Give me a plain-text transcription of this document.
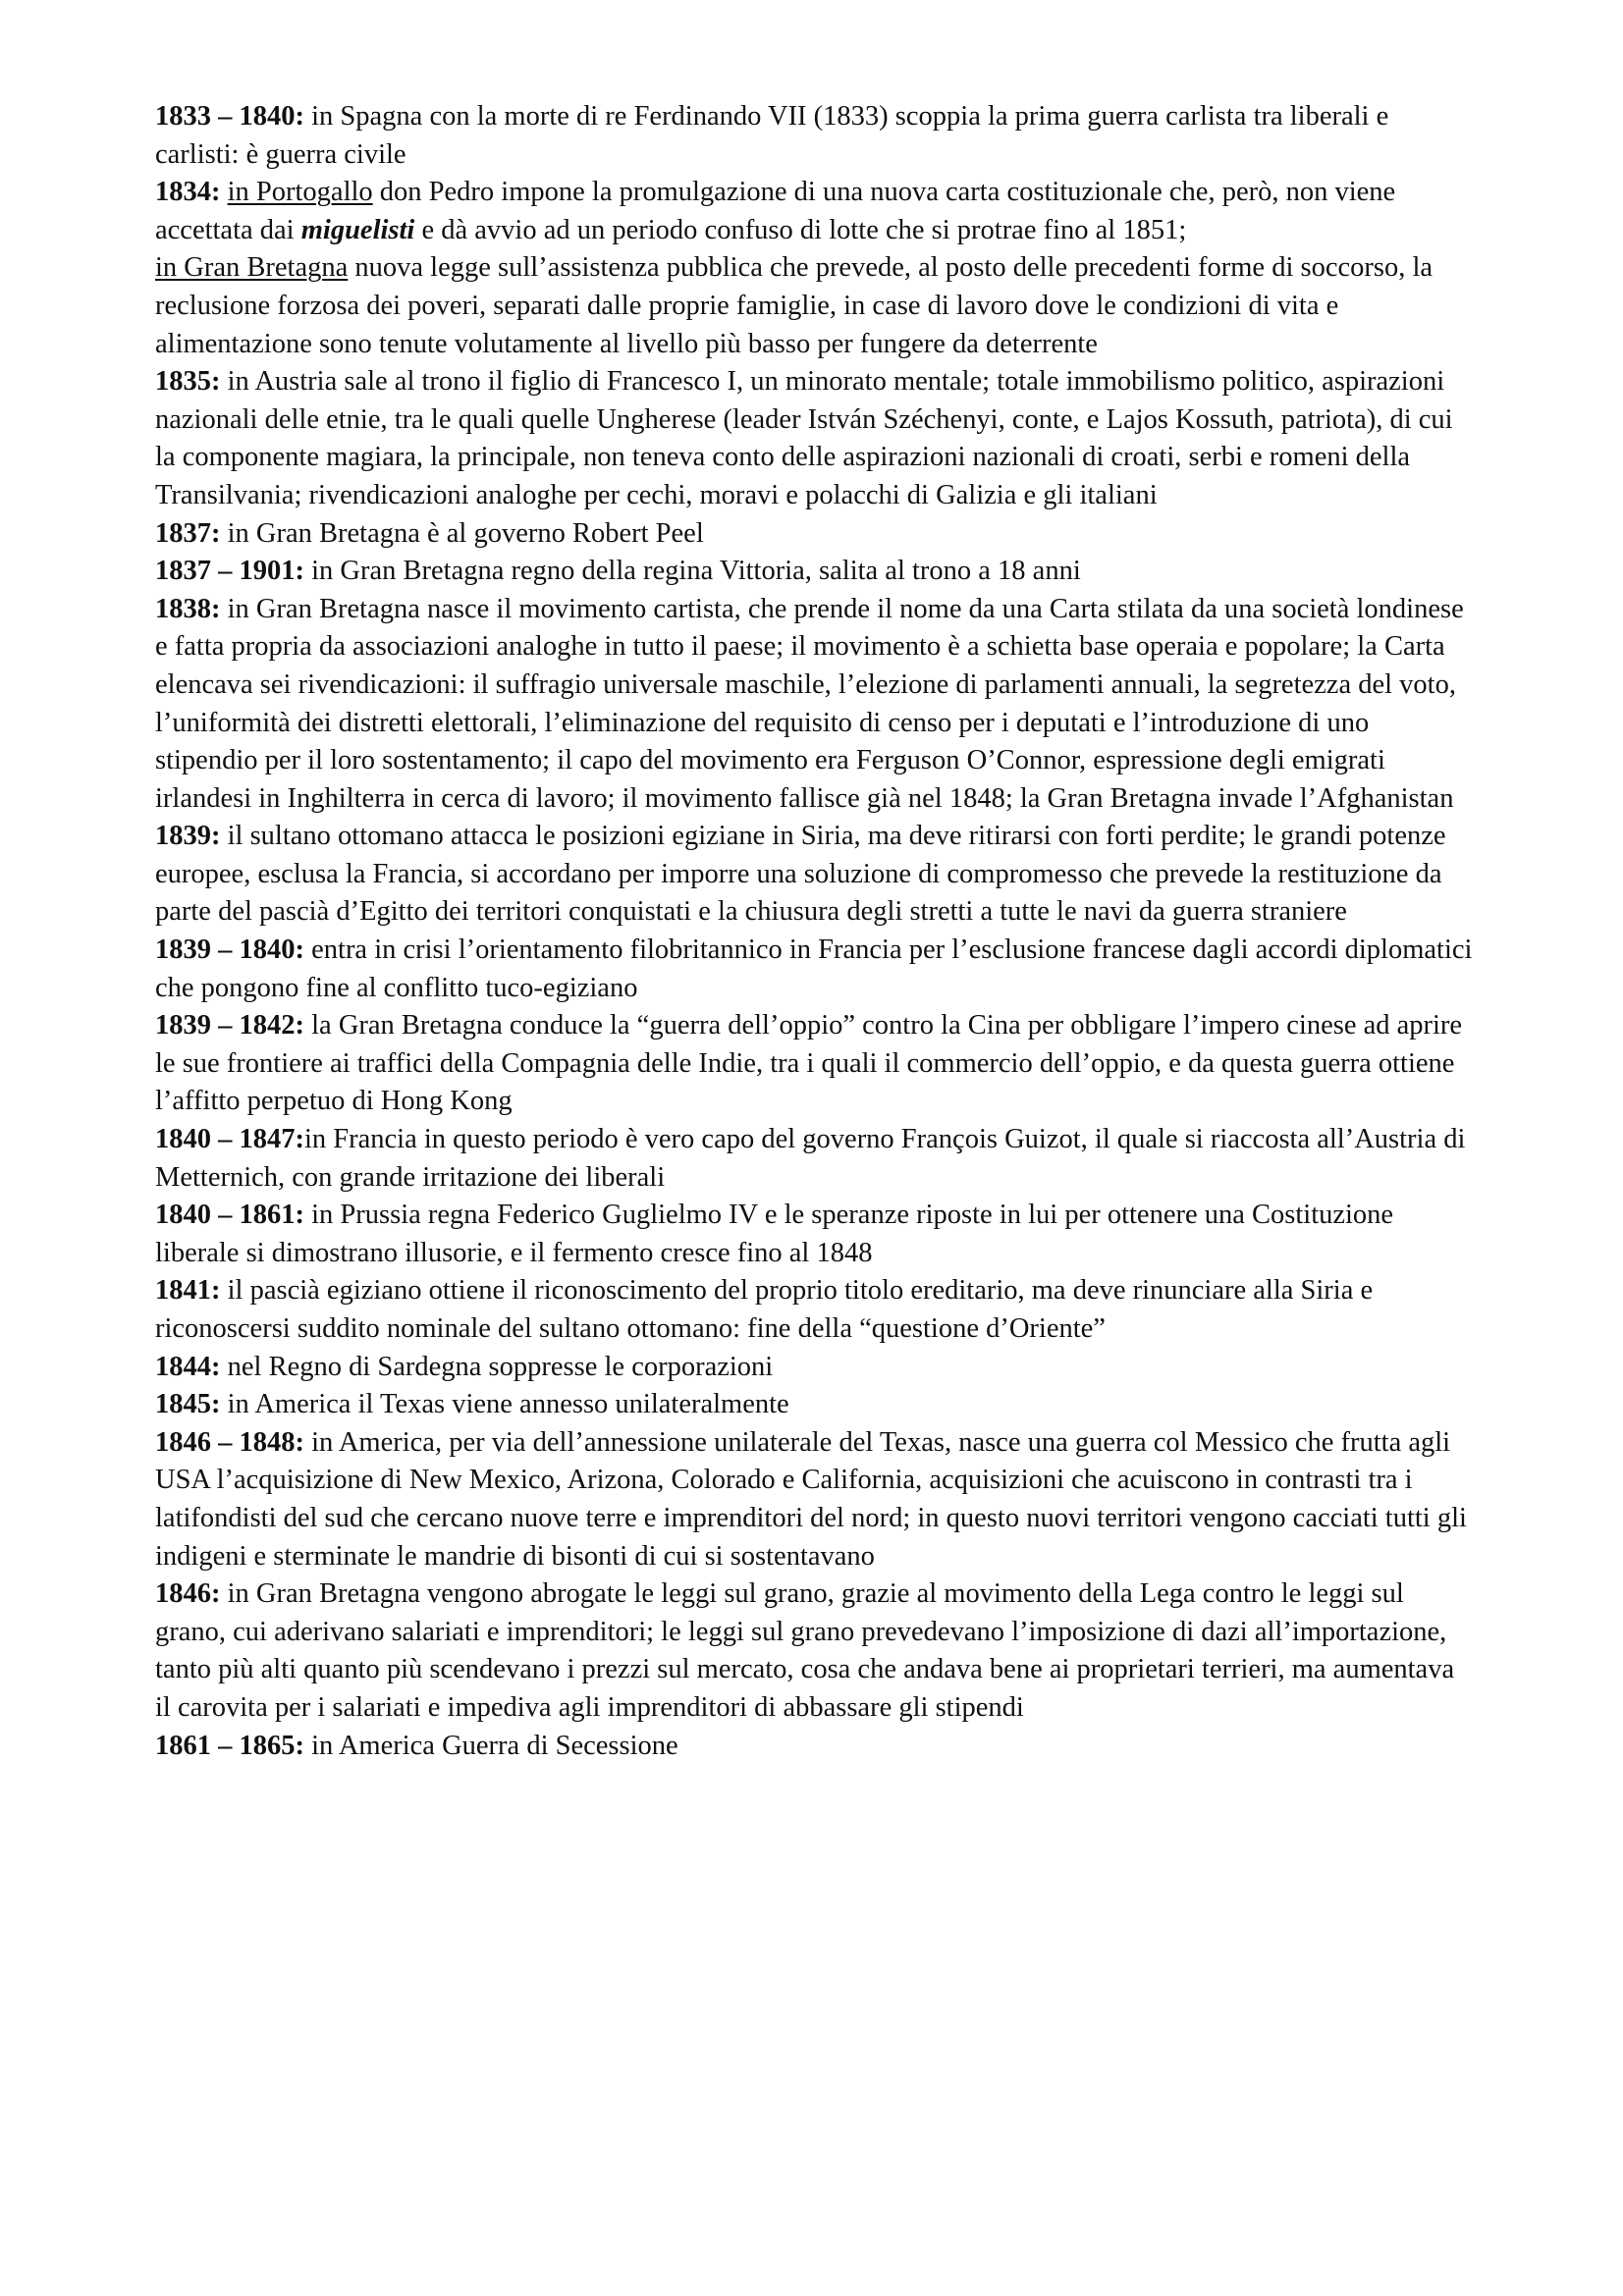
1833 – 1840: in Spagna con la morte di re Ferdinando VII (1833) scoppia la prima guerra carlista tra liberali e carlisti: è guerra civile

1834: in Portogallo don Pedro impone la promulgazione di una nuova carta costituzionale che, però, non viene accettata dai miguelisti e dà avvio ad un periodo confuso di lotte che si protrae fino al 1851;
in Gran Bretagna nuova legge sull’assistenza pubblica che prevede, al posto delle precedenti forme di soccorso, la reclusione forzosa dei poveri, separati dalle proprie famiglie, in case di lavoro dove le condizioni di vita e alimentazione sono tenute volutamente al livello più basso per fungere da deterrente

1835: in Austria sale al trono il figlio di Francesco I, un minorato mentale; totale immobilismo politico, aspirazioni nazionali delle etnie, tra le quali quelle Ungherese (leader István Széchenyi, conte, e Lajos Kossuth, patriota), di cui la componente magiara, la principale, non teneva conto delle aspirazioni nazionali di croati, serbi e romeni della Transilvania; rivendicazioni analoghe per cechi, moravi e polacchi di Galizia e gli italiani

1837: in Gran Bretagna è al governo Robert Peel

1837 – 1901: in Gran Bretagna regno della regina Vittoria, salita al trono a 18 anni

1838: in Gran Bretagna nasce il movimento cartista, che prende il nome da una Carta stilata da una società londinese e fatta propria da associazioni analoghe in tutto il paese; il movimento è a schietta base operaia e popolare; la Carta elencava sei rivendicazioni: il suffragio universale maschile, l’elezione di parlamenti annuali, la segretezza del voto, l’uniformità dei distretti elettorali, l’eliminazione del requisito di censo per i deputati e l’introduzione di uno stipendio per il loro sostentamento; il capo del movimento era Ferguson O’Connor, espressione degli emigrati irlandesi in Inghilterra in cerca di lavoro; il movimento fallisce già nel 1848; la Gran Bretagna invade l’Afghanistan

1839: il sultano ottomano attacca le posizioni egiziane in Siria, ma deve ritirarsi con forti perdite; le grandi potenze europee, esclusa la Francia, si accordano per imporre una soluzione di compromesso che prevede la restituzione da parte del pascià d’Egitto dei territori conquistati e la chiusura degli stretti a tutte le navi da guerra straniere

1839 – 1840: entra in crisi l’orientamento filobritannico in Francia per l’esclusione francese dagli accordi diplomatici che pongono fine al conflitto tuco-egiziano

1839 – 1842: la Gran Bretagna conduce la “guerra dell’oppio” contro la Cina per obbligare l’impero cinese ad aprire le sue frontiere ai traffici della Compagnia delle Indie, tra i quali il commercio dell’oppio, e da questa guerra ottiene l’affitto perpetuo di Hong Kong

1840 – 1847:in Francia in questo periodo è vero capo del governo François Guizot, il quale si riaccosta all’Austria di Metternich, con grande irritazione dei liberali

1840 – 1861: in Prussia regna Federico Guglielmo IV e le speranze riposte in lui per ottenere una Costituzione liberale si dimostrano illusorie, e il fermento cresce fino al 1848

1841: il pascià egiziano ottiene il riconoscimento del proprio titolo ereditario, ma deve rinunciare alla Siria e riconoscersi suddito nominale del sultano ottomano: fine della “questione d’Oriente”

1844: nel Regno di Sardegna soppresse le corporazioni

1845: in America il Texas viene annesso unilateralmente

1846 – 1848: in America, per via dell’annessione unilaterale del Texas, nasce una guerra col Messico che frutta agli USA l’acquisizione di New Mexico, Arizona, Colorado e California, acquisizioni che acuiscono in contrasti tra i latifondisti del sud che cercano nuove terre e imprenditori del nord; in questo nuovi territori vengono cacciati tutti gli indigeni e sterminate le mandrie di bisonti di cui si sostentavano

1846: in Gran Bretagna vengono abrogate le leggi sul grano, grazie al movimento della Lega contro le leggi sul grano, cui aderivano salariati e imprenditori; le leggi sul grano prevedevano l’imposizione di dazi all’importazione, tanto più alti quanto più scendevano i prezzi sul mercato, cosa che andava bene ai proprietari terrieri, ma aumentava il carovita per i salariati e impediva agli imprenditori di abbassare gli stipendi

1861 – 1865: in America Guerra di Secessione
